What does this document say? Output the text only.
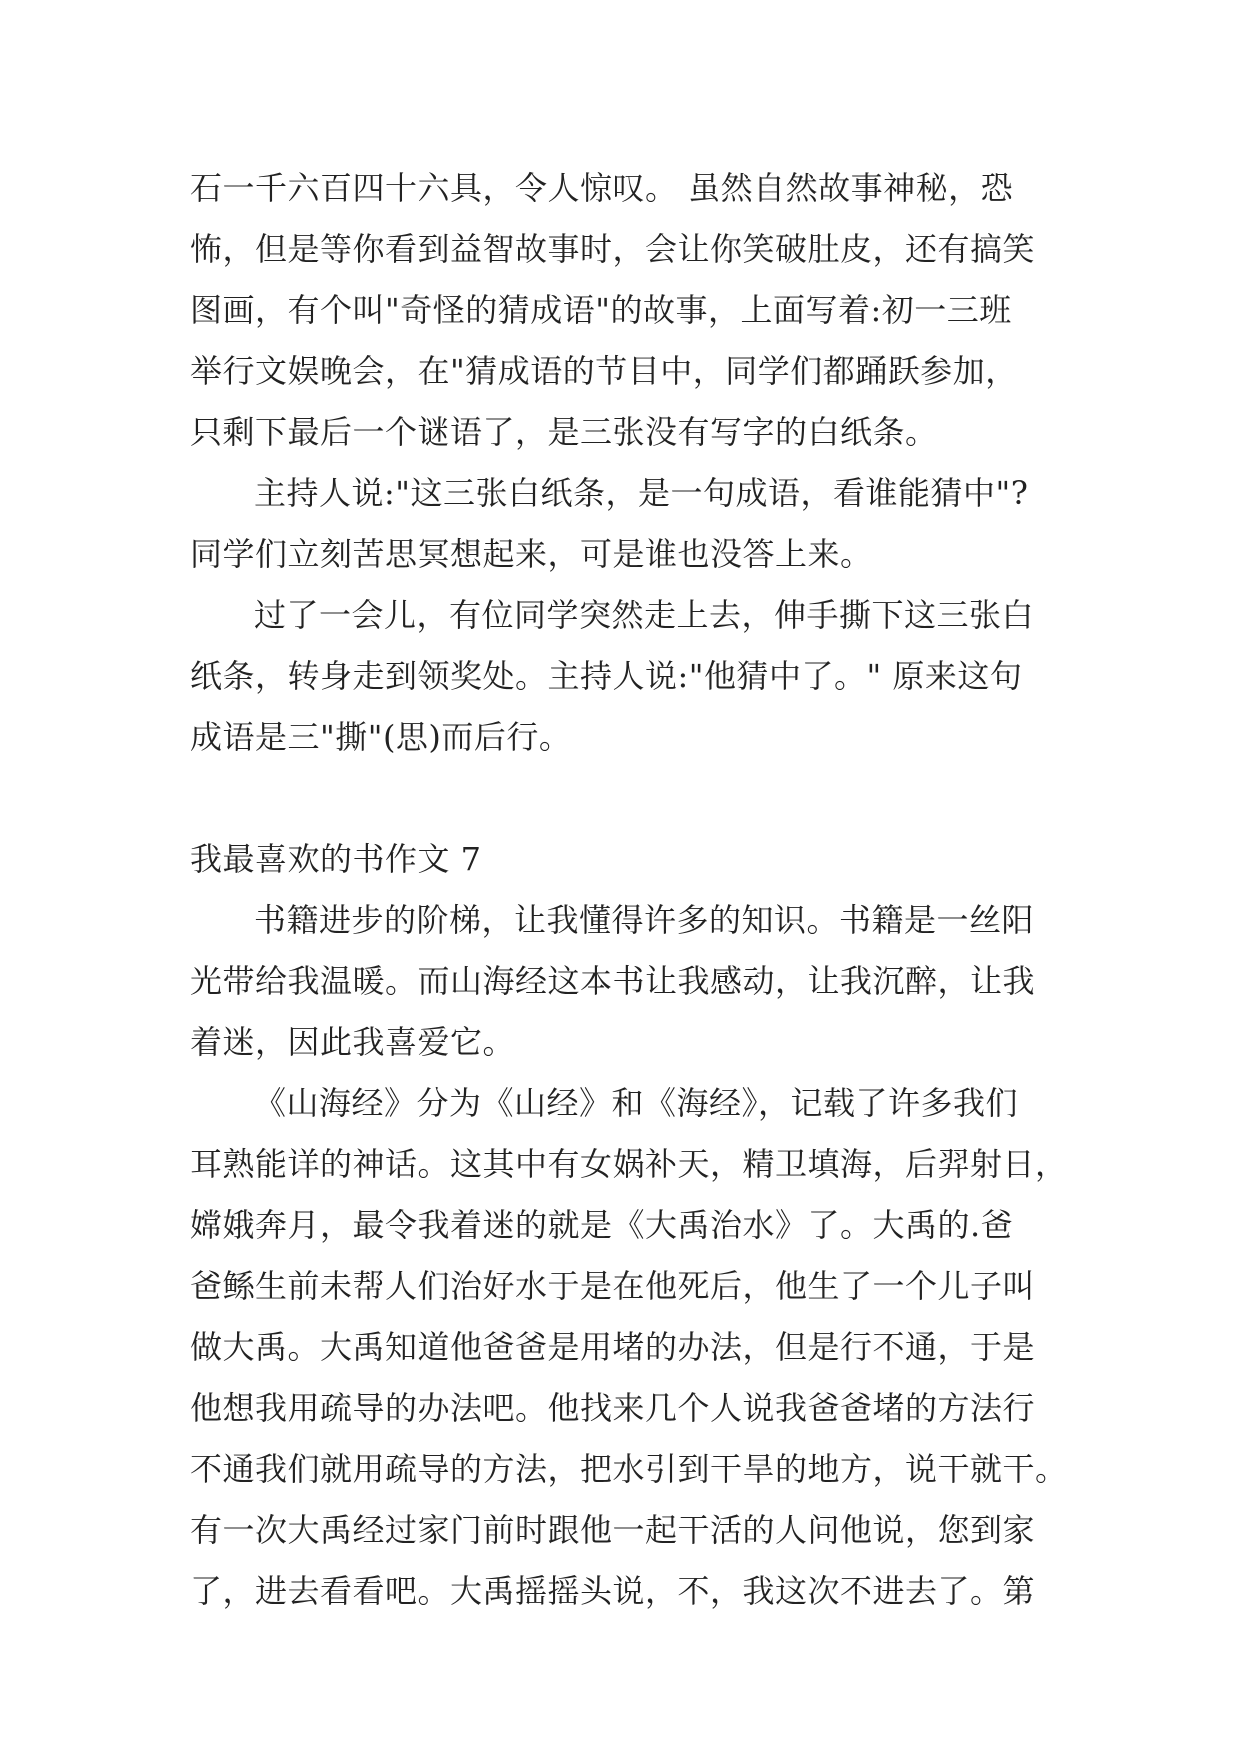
石一千六百四十六具，令人惊叹。 虽然自然故事神秘，恐
怖，但是等你看到益智故事时，会让你笑破肚皮，还有搞笑
图画，有个叫"奇怪的猜成语"的故事，上面写着:初一三班
举行文娱晚会，在"猜成语的节目中，同学们都踊跃参加，
只剩下最后一个谜语了，是三张没有写字的白纸条。

主持人说:"这三张白纸条，是一句成语，看谁能猜中"?
同学们立刻苦思冥想起来，可是谁也没答上来。

过了一会儿，有位同学突然走上去，伸手撕下这三张白
纸条，转身走到领奖处。主持人说:"他猜中了。" 原来这句
成语是三"撕"(思)而后行。

我最喜欢的书作文 7

书籍进步的阶梯，让我懂得许多的知识。书籍是一丝阳
光带给我温暖。而山海经这本书让我感动，让我沉醉，让我
着迷，因此我喜爱它。

《山海经》分为《山经》和《海经》，记载了许多我们
耳熟能详的神话。这其中有女娲补天，精卫填海，后羿射日，
嫦娥奔月，最令我着迷的就是《大禹治水》了。大禹的.爸
爸鲧生前未帮人们治好水于是在他死后，他生了一个儿子叫
做大禹。大禹知道他爸爸是用堵的办法，但是行不通，于是
他想我用疏导的办法吧。他找来几个人说我爸爸堵的方法行
不通我们就用疏导的方法，把水引到干旱的地方，说干就干。
有一次大禹经过家门前时跟他一起干活的人问他说，您到家
了，进去看看吧。大禹摇摇头说，不，我这次不进去了。第
